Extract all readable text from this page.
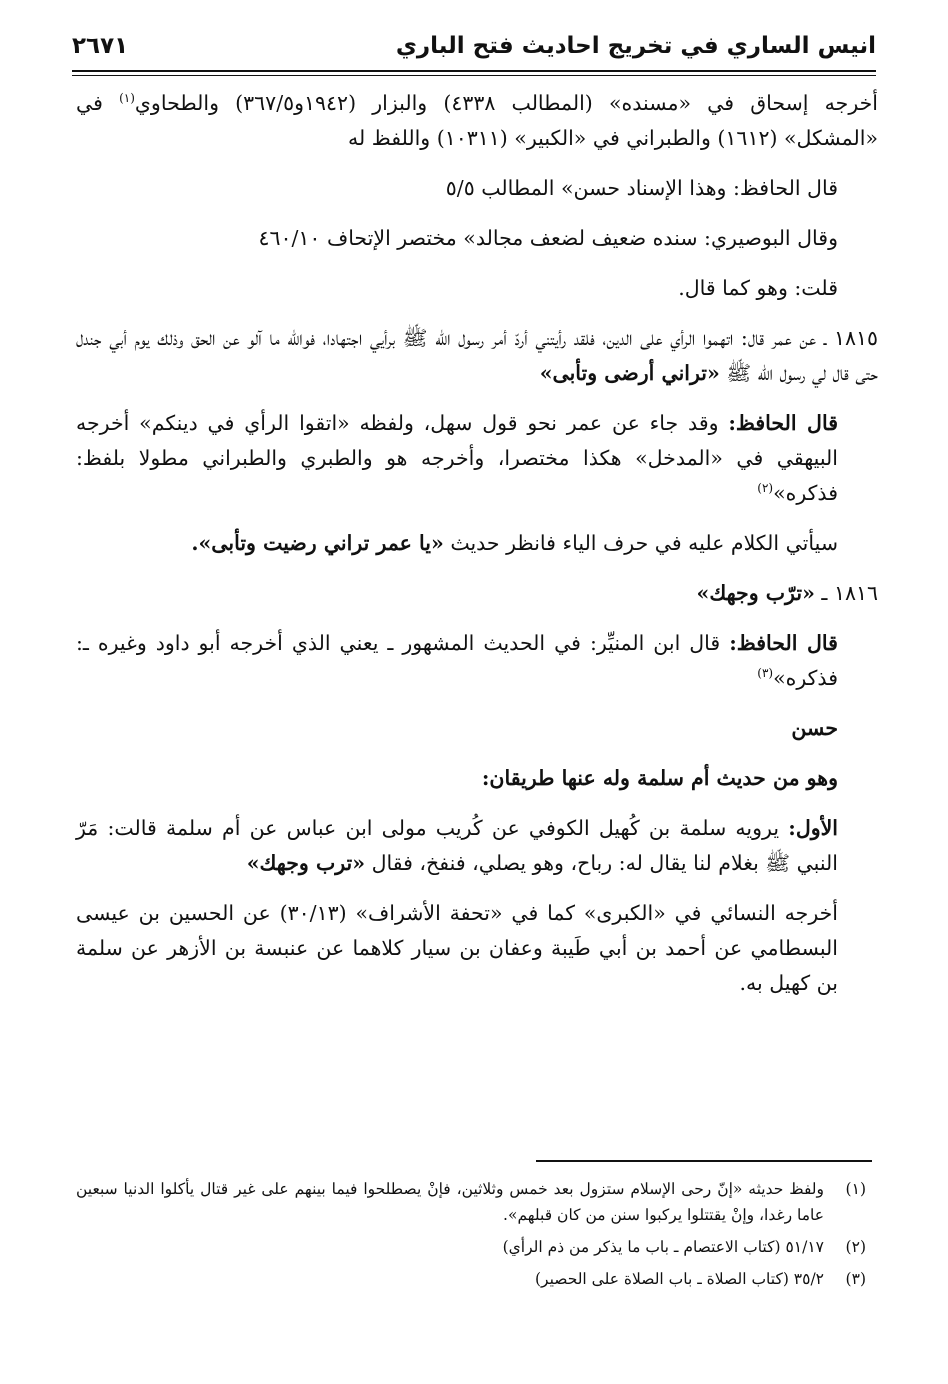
انيس الساري في تخريج احاديث فتح الباري
٢٦٧١

أخرجه إسحاق في «مسنده» (المطالب ٤٣٣٨) والبزار (١٩٤٢و٣٦٧/٥) والطحاوي$^{(١)}$ في «المشكل» (١٦١٢) والطبراني في «الكبير» (١٠٣١١) واللفظ له

قال الحافظ: وهذا الإسناد حسن» المطالب ٥/٥

وقال البوصيري: سنده ضعيف لضعف مجالد» مختصر الإتحاف ٤٦٠/١٠

قلت: وهو كما قال.

١٨١٥ ـ عن عمر قال: اتهموا الرأي على الدين، فلقد رأيتني أردّ أمر رسول الله ﷺ برأيي اجتهادا، فوالله ما آلو عن الحق وذلك يوم أبي جندل حتى قال لي رسول الله ﷺ «تراني أرضى وتأبى»

قال الحافظ: وقد جاء عن عمر نحو قول سهل، ولفظه «اتقوا الرأي في دينكم» أخرجه البيهقي في «المدخل» هكذا مختصرا، وأخرجه هو والطبري والطبراني مطولا بلفظ: فذكره»$^{(٢)}$

سيأتي الكلام عليه في حرف الياء فانظر حديث «يا عمر تراني رضيت وتأبى».

١٨١٦ ـ «ترّب وجهك»

قال الحافظ: قال ابن المنيِّر: في الحديث المشهور ـ يعني الذي أخرجه أبو داود وغيره ـ: فذكره»$^{(٣)}$

حسن

وهو من حديث أم سلمة وله عنها طريقان:

الأول: يرويه سلمة بن كُهيل الكوفي عن كُريب مولى ابن عباس عن أم سلمة قالت: مَرّ النبي ﷺ بغلام لنا يقال له: رباح، وهو يصلي، فنفخ، فقال «ترب وجهك»

أخرجه النسائي في «الكبرى» كما في «تحفة الأشراف» (٣٠/١٣) عن الحسين بن عيسى البسطامي عن أحمد بن أبي طَيبة وعفان بن سيار كلاهما عن عنبسة بن الأزهر عن سلمة بن كهيل به.

(١)
ولفظ حديثه «إنّ رحى الإسلام ستزول بعد خمس وثلاثين، فإنْ يصطلحوا فيما بينهم على غير قتال يأكلوا الدنيا سبعين عاما رغدا، وإنْ يقتتلوا يركبوا سنن من كان قبلهم».
(٢)
٥١/١٧ (كتاب الاعتصام ـ باب ما يذكر من ذم الرأي)
(٣)
٣٥/٢ (كتاب الصلاة ـ باب الصلاة على الحصير)
